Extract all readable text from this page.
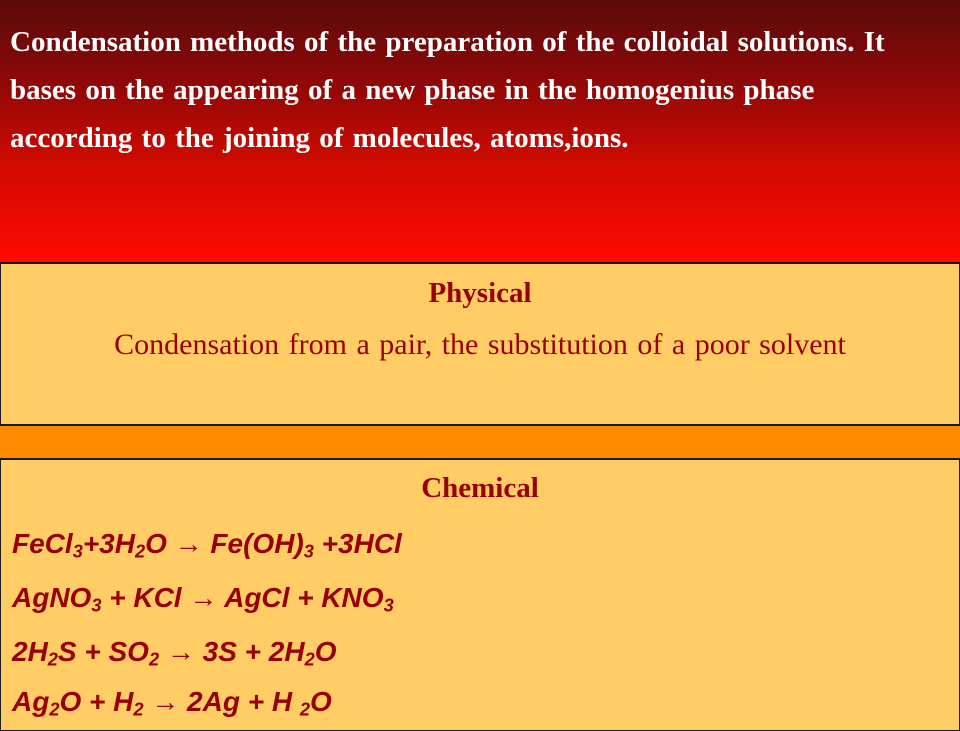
Condensation methods of the preparation of the colloidal solutions. It bases on the appearing of a new phase in the homogenius phase according to the joining of molecules, atoms,ions.
Physical
Condensation from a pair, the substitution of a poor solvent
Chemical
$FeCl_3+3H_2O \to Fe(OH)_3 +3HCl$
AgNO$_3$ + KCl → AgCl + $KNO_3$
$2H_2S + SO_2 \to 3S + 2H_2O$
$Ag_2O + H_2 \to 2Ag + H$ $_2$O
